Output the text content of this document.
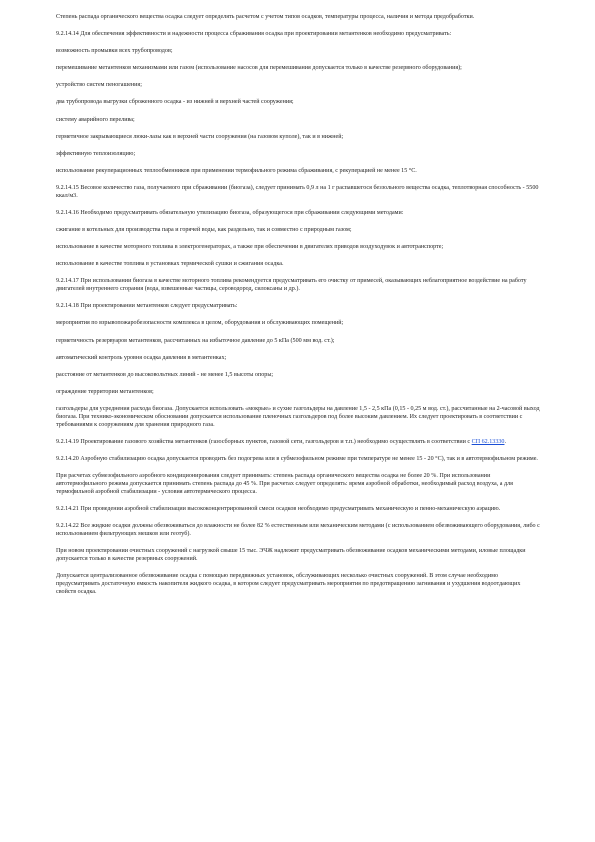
Степень распада органического вещества осадка следует определять расчетом с учетом типов осадков, температуры процесса, наличия и метода предобработки.

9.2.14.14 Для обеспечения эффективности и надежности процесса сбраживания осадка при проектировании метантенков необходимо предусматривать:

возможность промывки всех трубопроводов;

перемешивание метантенков механизмами или газом (использование насосов для перемешивания допускается только в качестве резервного оборудования);

устройство систем пеногашения;

два трубопровода выгрузки сброженного осадка - из нижней и верхней частей сооружения;

систему аварийного перелива;

герметичное закрывающиеся люки-лазы как в верхней части сооружения (на газовом куполе), так и в нижней;

эффективную теплоизоляцию;

использование рекуперационных теплообменников при применении термофильного режима сбраживания, с рекуперацией не менее 15 °С.

9.2.14.15 Весовое количество газа, получаемого при сбраживании (биогаза), следует принимать 0,9 л на 1 г распавшегося беззольного вещества осадка, теплотворная способность - 5500 ккал/м3.

9.2.14.16 Необходимо предусматривать обязательную утилизацию биогаза, образующегося при сбраживании следующими методами:

сжигание в котельных для производства пара и горячей воды, как раздельно, так и совместно с природным газом;

использование в качестве моторного топлива в электрогенераторах, а также при обеспечении в двигателях приводов воздуходувок и автотранспорте;

использование в качестве топлива в установках термической сушки и сжигания осадка.

9.2.14.17 При использовании биогаза в качестве моторного топлива рекомендуется предусматривать его очистку от примесей, оказывающих неблагоприятное воздействие на работу двигателей внутреннего сгорания (вода, взвешенные частицы, сероводород, силоксаны и др.).

9.2.14.18 При проектировании метантенков следует предусматривать:

мероприятия по взрывопожаробезопасности комплекса в целом, оборудования и обслуживающих помещений;

герметичность резервуаров метантенков, рассчитанных на избыточное давление до 5 кПа (500 мм вод. ст.);

автоматический контроль уровня осадка давления в метантенках;

расстояние от метантенков до высоковольтных линий - не менее 1,5 высоты опоры;

ограждение территории метантенков;

газгольдеры для усреднения расхода биогаза. Допускается использовать «мокрые» и сухие газгольдеры на давление 1,5 - 2,5 кПа (0,15 - 0,25 м вод. ст.), рассчитанные на 2-часовой выход биогаза. При технико-экономическом обосновании допускается использование пленочных газгольдеров под более высоким давлением. Их следует проектировать в соответствии с требованиями к сооружениям для хранения природного газа.

9.2.14.19 Проектирование газового хозяйства метантенков (газосборных пунктов, газовой сети, газгольдеров и т.п.) необходимо осуществлять в соответствии с СП 62.13330.

9.2.14.20 Аэробную стабилизацию осадка допускается проводить без подогрева или в субмезофильном режиме при температуре не менее 15 - 20 °С), так и в автотермофильном режиме.

При расчетах субмезофильного аэробного кондиционирования следует принимать: степень распада органического вещества осадка не более 20 %. При использовании автотермофильного режима допускается принимать степень распада до 45 %. При расчетах следует определять: время аэробной обработки, необходимый расход воздуха, а для термофильной аэробной стабилизации - условия автотермического процесса.

9.2.14.21 При проведении аэробной стабилизации высококонцентрированной смеси осадков необходимо предусматривать механическую и пенно-механическую аэрацию.

9.2.14.22 Все жидкие осадки должны обезвоживаться до влажности не более 82 % естественным или механическим методами (с использованием обезвоживающего оборудования, либо с использованием фильтрующих мешков или геотуб).

При новом проектировании очистных сооружений с нагрузкой свыше 15 тыс. ЭЧЖ надлежит предусматривать обезвоживание осадков механическими методами, иловые площадки допускается только в качестве резервных сооружений.

Допускается централизованное обезвоживание осадка с помощью передвижных установок, обслуживающих несколько очистных сооружений. В этом случае необходимо предусматривать достаточную емкость накопителя жидкого осадка, в котором следует предусматривать мероприятия по предотвращению загнивания и ухудшения водоотдающих свойств осадка.
